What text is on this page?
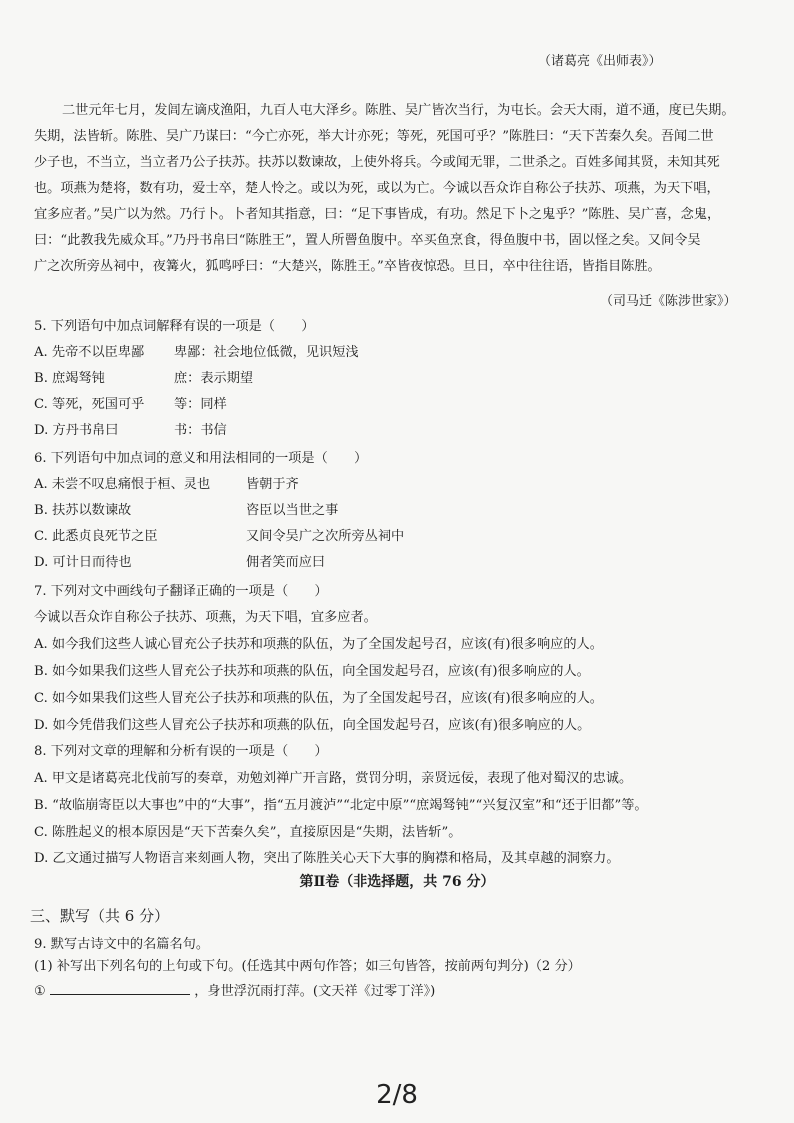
（诸葛亮《出师表》）
二世元年七月，发闾左谪戍渔阳，九百人屯大泽乡。陈胜、吴广皆次当行，为屯长。会天大雨，道不通，度已失期。
失期，法皆斩。陈胜、吴广乃谋曰：“今亡亦死，举大计亦死；等死，死国可乎？”陈胜曰：“天下苦秦久矣。吾闻二世
少子也，不当立，当立者乃公子扶苏。扶苏以数谏故，上使外将兵。今或闻无罪，二世杀之。百姓多闻其贤，未知其死
也。项燕为楚将，数有功，爱士卒，楚人怜之。或以为死，或以为亡。今诚以吾众诈自称公子扶苏、项燕，为天下唱，
宜多应者。”吴广以为然。乃行卜。卜者知其指意，曰：“足下事皆成，有功。然足下卜之鬼乎？”陈胜、吴广喜，念鬼，
曰：“此教我先威众耳。”乃丹书帛曰“陈胜王”，置人所罾鱼腹中。卒买鱼烹食，得鱼腹中书，固以怪之矣。又间令吴
广之次所旁丛祠中，夜篝火，狐鸣呼曰：“大楚兴，陈胜王。”卒皆夜惊恐。旦日，卒中往往语，皆指目陈胜。
（司马迁《陈涉世家》）
5. 下列语句中加点词解释有误的一项是（　　）
A. 先帝不以臣卑鄙 卑鄙：社会地位低微，见识短浅
B. 庶竭驽钝	庶：表示期望
C. 等死，死国可乎 等：同样
D. 方丹书帛曰	书：书信
6. 下列语句中加点词的意义和用法相同的一项是（　　）
A. 未尝不叹息痛恨于桓、灵也	皆朝于齐
B. 扶苏以数谏故	咨臣以当世之事
C. 此悉贞良死节之臣	又间令吴广之次所旁丛祠中
D. 可计日而待也	佣者笑而应曰
7. 下列对文中画线句子翻译正确的一项是（　　）
今诚以吾众诈自称公子扶苏、项燕，为天下唱，宜多应者。
A. 如今我们这些人诚心冒充公子扶苏和项燕的队伍，为了全国发起号召，应该(有)很多响应的人。
B. 如今如果我们这些人冒充公子扶苏和项燕的队伍，向全国发起号召，应该(有)很多响应的人。
C. 如今如果我们这些人冒充公子扶苏和项燕的队伍，为了全国发起号召，应该(有)很多响应的人。
D. 如今凭借我们这些人冒充公子扶苏和项燕的队伍，向全国发起号召，应该(有)很多响应的人。
8. 下列对文章的理解和分析有误的一项是（　　）
A. 甲文是诸葛亮北伐前写的奏章，劝勉刘禅广开言路，赏罚分明，亲贤远佞，表现了他对蜀汉的忠诚。
B. “故临崩寄臣以大事也”中的“大事”，指“五月渡泸”“北定中原”“庶竭驽钝”“兴复汉室”和“还于旧都”等。
C. 陈胜起义的根本原因是“天下苦秦久矣”，直接原因是“失期，法皆斩”。
D. 乙文通过描写人物语言来刻画人物，突出了陈胜关心天下大事的胸襟和格局，及其卓越的洞察力。
第Ⅱ卷（非选择题，共 76 分）
三、默写（共 6 分）
9. 默写古诗文中的名篇名句。
(1) 补写出下列名句的上句或下句。(任选其中两句作答；如三句皆答，按前两句判分)（2 分）
①	，身世浮沉雨打萍。(文天祥《过零丁洋》)
2/8
